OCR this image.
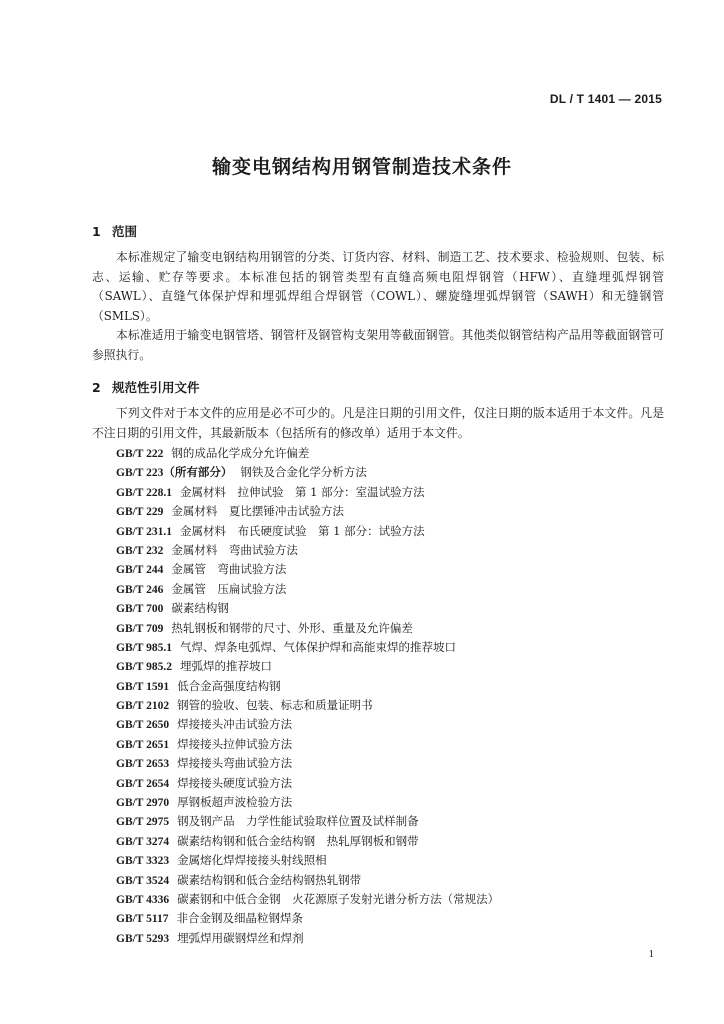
DL / T 1401 — 2015
输变电钢结构用钢管制造技术条件
1 范围
本标准规定了输变电钢结构用钢管的分类、订货内容、材料、制造工艺、技术要求、检验规则、包装、标志、运输、贮存等要求。本标准包括的钢管类型有直缝高频电阻焊钢管（HFW）、直缝埋弧焊钢管（SAWL）、直缝气体保护焊和埋弧焊组合焊钢管（COWL）、螺旋缝埋弧焊钢管（SAWH）和无缝钢管（SMLS）。
本标准适用于输变电钢管塔、钢管杆及钢管构支架用等截面钢管。其他类似钢管结构产品用等截面钢管可参照执行。
2 规范性引用文件
下列文件对于本文件的应用是必不可少的。凡是注日期的引用文件，仅注日期的版本适用于本文件。凡是不注日期的引用文件，其最新版本（包括所有的修改单）适用于本文件。
GB/T 222 钢的成品化学成分允许偏差
GB/T 223（所有部分） 钢铁及合金化学分析方法
GB/T 228.1 金属材料　拉伸试验　第 1 部分：室温试验方法
GB/T 229 金属材料　夏比摆锤冲击试验方法
GB/T 231.1 金属材料　布氏硬度试验　第 1 部分：试验方法
GB/T 232 金属材料　弯曲试验方法
GB/T 244 金属管　弯曲试验方法
GB/T 246 金属管　压扁试验方法
GB/T 700 碳素结构钢
GB/T 709 热轧钢板和钢带的尺寸、外形、重量及允许偏差
GB/T 985.1 气焊、焊条电弧焊、气体保护焊和高能束焊的推荐坡口
GB/T 985.2 埋弧焊的推荐坡口
GB/T 1591 低合金高强度结构钢
GB/T 2102 钢管的验收、包装、标志和质量证明书
GB/T 2650 焊接接头冲击试验方法
GB/T 2651 焊接接头拉伸试验方法
GB/T 2653 焊接接头弯曲试验方法
GB/T 2654 焊接接头硬度试验方法
GB/T 2970 厚钢板超声波检验方法
GB/T 2975 钢及钢产品　力学性能试验取样位置及试样制备
GB/T 3274 碳素结构钢和低合金结构钢　热轧厚钢板和钢带
GB/T 3323 金属熔化焊焊接接头射线照相
GB/T 3524 碳素结构钢和低合金结构钢热轧钢带
GB/T 4336 碳素钢和中低合金钢　火花源原子发射光谱分析方法（常规法）
GB/T 5117 非合金钢及细晶粒钢焊条
GB/T 5293 埋弧焊用碳钢焊丝和焊剂
1
